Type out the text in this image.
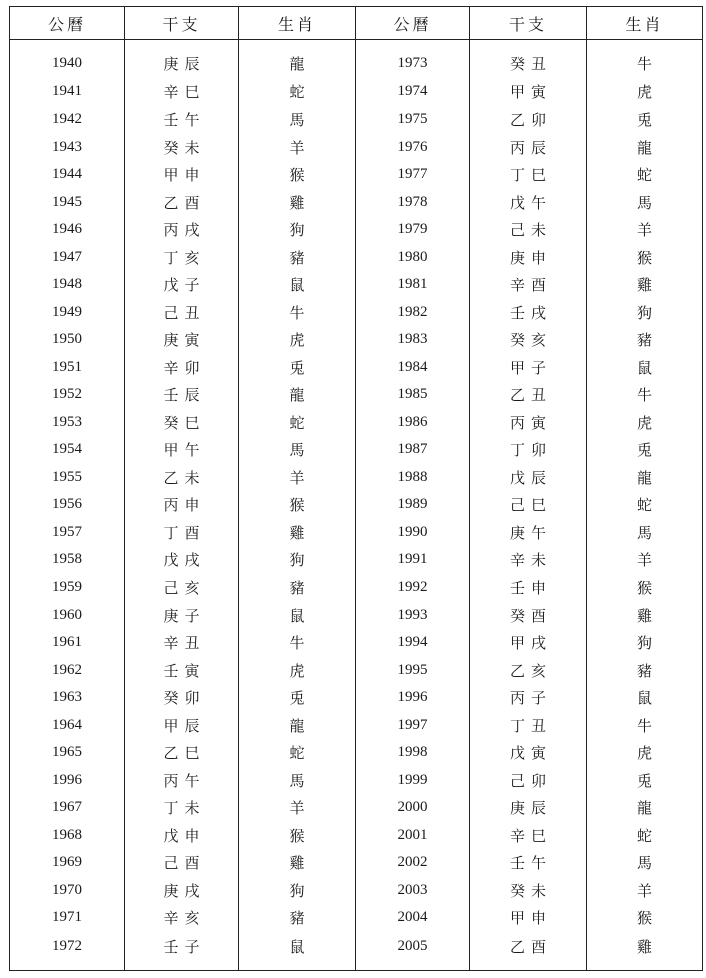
公曆	干支	生肖	公曆	干支	生肖
1940	庚辰	龍	1973	癸丑	牛
1941	辛巳	蛇	1974	甲寅	虎
1942	壬午	馬	1975	乙卯	兎
1943	癸未	羊	1976	丙辰	龍
1944	甲申	猴	1977	丁巳	蛇
1945	乙酉	雞	1978	戊午	馬
1946	丙戌	狗	1979	己未	羊
1947	丁亥	豬	1980	庚申	猴
1948	戊子	鼠	1981	辛酉	雞
1949	己丑	牛	1982	壬戌	狗
1950	庚寅	虎	1983	癸亥	豬
1951	辛卯	兎	1984	甲子	鼠
1952	壬辰	龍	1985	乙丑	牛
1953	癸巳	蛇	1986	丙寅	虎
1954	甲午	馬	1987	丁卯	兎
1955	乙未	羊	1988	戊辰	龍
1956	丙申	猴	1989	己巳	蛇
1957	丁酉	雞	1990	庚午	馬
1958	戊戌	狗	1991	辛未	羊
1959	己亥	豬	1992	壬申	猴
1960	庚子	鼠	1993	癸酉	雞
1961	辛丑	牛	1994	甲戌	狗
1962	壬寅	虎	1995	乙亥	豬
1963	癸卯	兎	1996	丙子	鼠
1964	甲辰	龍	1997	丁丑	牛
1965	乙巳	蛇	1998	戊寅	虎
1996	丙午	馬	1999	己卯	兎
1967	丁未	羊	2000	庚辰	龍
1968	戊申	猴	2001	辛巳	蛇
1969	己酉	雞	2002	壬午	馬
1970	庚戌	狗	2003	癸未	羊
1971	辛亥	豬	2004	甲申	猴
1972	壬子	鼠	2005	乙酉	雞
